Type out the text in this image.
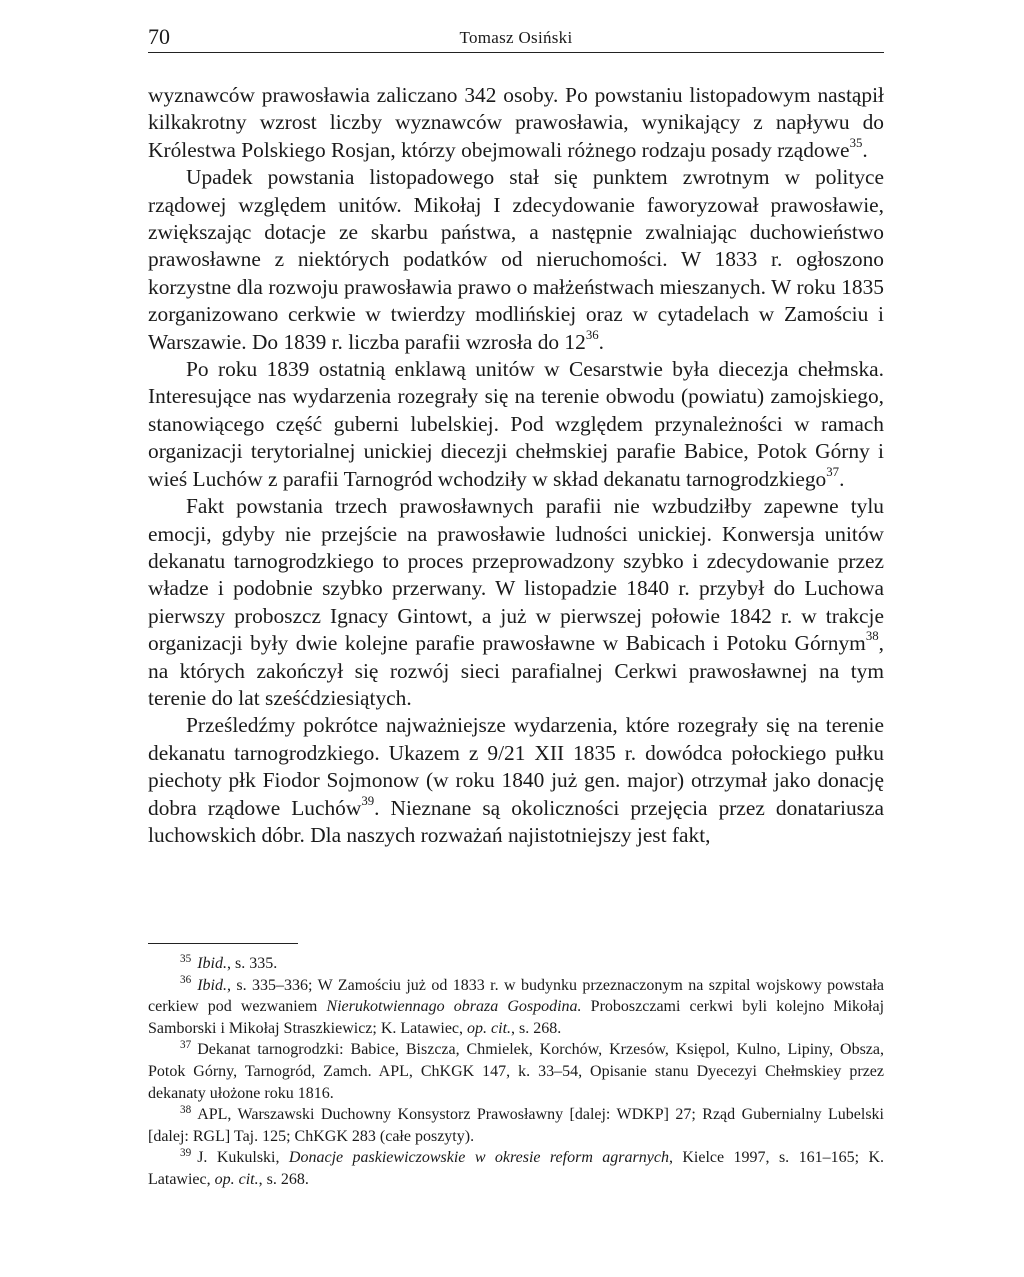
70	Tomasz Osiński

wyznawców prawosławia zaliczano 342 osoby. Po powstaniu listopadowym nastąpił kilkakrotny wzrost liczby wyznawców prawosławia, wynikający z napływu do Królestwa Polskiego Rosjan, którzy obejmowali różnego rodzaju posady rządowe$^{35}$.

Upadek powstania listopadowego stał się punktem zwrotnym w polityce rządowej względem unitów. Mikołaj I zdecydowanie faworyzował prawosławie, zwiększając dotacje ze skarbu państwa, a następnie zwalniając duchowieństwo prawosławne z niektórych podatków od nieruchomości. W 1833 r. ogłoszono korzystne dla rozwoju prawosławia prawo o małżeństwach mieszanych. W roku 1835 zorganizowano cerkwie w twierdzy modlińskiej oraz w cytadelach w Zamościu i Warszawie. Do 1839 r. liczba parafii wzrosła do $12^{36}$.

Po roku 1839 ostatnią enklawą unitów w Cesarstwie była diecezja chełmska. Interesujące nas wydarzenia rozegrały się na terenie obwodu (powiatu) zamojskiego, stanowiącego część guberni lubelskiej. Pod względem przynależności w ramach organizacji terytorialnej unickiej diecezji chełmskiej parafie Babice, Potok Górny i wieś Luchów z parafii Tarnogród wchodziły w skład dekanatu tarnogrodzkiego$^{37}$.

Fakt powstania trzech prawosławnych parafii nie wzbudziłby zapewne tylu emocji, gdyby nie przejście na prawosławie ludności unickiej. Konwersja unitów dekanatu tarnogrodzkiego to proces przeprowadzony szybko i zdecydowanie przez władze i podobnie szybko przerwany. W listopadzie 1840 r. przybył do Luchowa pierwszy proboszcz Ignacy Gintowt, a już w pierwszej połowie 1842 r. w trakcje organizacji były dwie kolejne parafie prawosławne w Babicach i Potoku Górnym$^{38}$, na których zakończył się rozwój sieci parafialnej Cerkwi prawosławnej na tym terenie do lat sześćdziesiątych.

Prześledźmy pokrótce najważniejsze wydarzenia, które rozegrały się na terenie dekanatu tarnogrodzkiego. Ukazem z 9/21 XII 1835 r. dowódca połockiego pułku piechoty płk Fiodor Sojmonow (w roku 1840 już gen. major) otrzymał jako donację dobra rządowe Luchów$^{39}$. Nieznane są okoliczności przejęcia przez donatariusza luchowskich dóbr. Dla naszych rozważań najistotniejszy jest fakt,

$^{35}$ Ibid., s. 335.

$^{36}$ Ibid., s. 335–336; W Zamościu już od 1833 r. w budynku przeznaczonym na szpital wojskowy powstała cerkiew pod wezwaniem Nierukotwiennago obraza Gospodina. Proboszczami cerkwi byli kolejno Mikołaj Samborski i Mikołaj Straszkiewicz; K. Latawiec, op. cit., s. 268.

$^{37}$ Dekanat tarnogrodzki: Babice, Biszcza, Chmielek, Korchów, Krzesów, Księpol, Kulno, Lipiny, Obsza, Potok Górny, Tarnogród, Zamch. APL, ChKGK 147, k. 33–54, Opisanie stanu Dyecezyi Chełmskiey przez dekanaty ułożone roku 1816.

$^{38}$ APL, Warszawski Duchowny Konsystorz Prawosławny [dalej: WDKP] 27; Rząd Gubernialny Lubelski [dalej: RGL] Taj. 125; ChKGK 283 (całe poszyty).

$^{39}$ J. Kukulski, Donacje paskiewiczowskie w okresie reform agrarnych, Kielce 1997, s. 161–165; K. Latawiec, op. cit., s. 268.
